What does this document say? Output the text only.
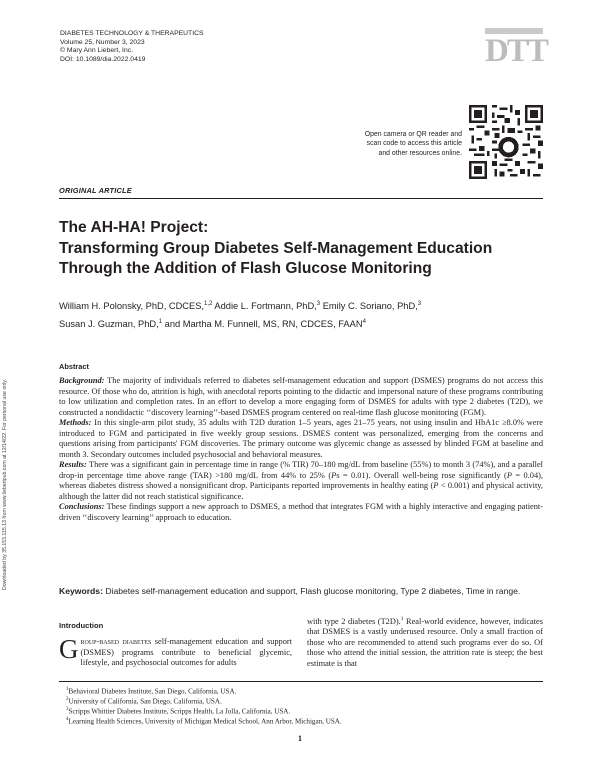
Downloaded by 35.153.115.13 from www.liebertpub.com at 12/14/22. For personal use only.
DIABETES TECHNOLOGY & THERAPEUTICS
Volume 25, Number 3, 2023
© Mary Ann Liebert, Inc.
DOI: 10.1089/dia.2022.0419	DTT
Open camera or QR reader and
scan code to access this article
and other resources online.
ORIGINAL ARTICLE
The AH-HA! Project:
Transforming Group Diabetes Self-Management Education
Through the Addition of Flash Glucose Monitoring
William H. Polonsky, PhD, CDCES,$^{1,2}$ Addie L. Fortmann, PhD,$^3$ Emily C. Soriano, PhD,$^3$
Susan J. Guzman, PhD,$^1$ and Martha M. Funnell, MS, RN, CDCES, FAAN$^4$
Abstract

Background: The majority of individuals referred to diabetes self-management education and support (DSMES) programs do not access this resource. Of those who do, attrition is high, with anecdotal reports pointing to the didactic and impersonal nature of these programs contributing to low utilization and completion rates. In an effort to develop a more engaging form of DSMES for adults with type 2 diabetes (T2D), we constructed a nondidactic ‘‘discovery learning’’-based DSMES program centered on real-time flash glucose monitoring (FGM).

Methods: In this single-arm pilot study, 35 adults with T2D duration 1–5 years, ages 21–75 years, not using insulin and HbA1c ≥8.0% were introduced to FGM and participated in five weekly group sessions. DSMES content was personalized, emerging from the concerns and questions arising from participants' FGM discoveries. The primary outcome was glycemic change as assessed by blinded FGM at baseline and month 3. Secondary outcomes included psychosocial and behavioral measures.

Results: There was a significant gain in percentage time in range (% TIR) 70–180 mg/dL from baseline (55%) to month 3 (74%), and a parallel drop-in percentage time above range (TAR) >180 mg/dL from 44% to 25% (Ps = 0.01). Overall well-being rose significantly (P = 0.04), whereas diabetes distress showed a nonsignificant drop. Participants reported improvements in healthy eating (P < 0.001) and physical activity, although the latter did not reach statistical significance.

Conclusions: These findings support a new approach to DSMES, a method that integrates FGM with a highly interactive and engaging patient-driven ‘‘discovery learning’’ approach to education.

Keywords: Diabetes self-management education and support, Flash glucose monitoring, Type 2 diabetes, Time in range.
Introduction

Group-based diabetes self-management education and support (DSMES) programs contribute to beneficial glycemic, lifestyle, and psychosocial outcomes for adults

with type 2 diabetes (T2D).$^1$ Real-world evidence, however, indicates that DSMES is a vastly underused resource. Only a small fraction of those who are recommended to attend such programs ever do so. Of those who attend the initial session, the attrition rate is steep; the best estimate is that

$^1$Behavioral Diabetes Institute, San Diego, California, USA.
$^2$University of California, San Diego, California, USA.
$^3$Scripps Whittier Diabetes Institute, Scripps Health, La Jolla, California, USA.
$^4$Learning Health Sciences, University of Michigan Medical School, Ann Arbor, Michigan, USA.
1
